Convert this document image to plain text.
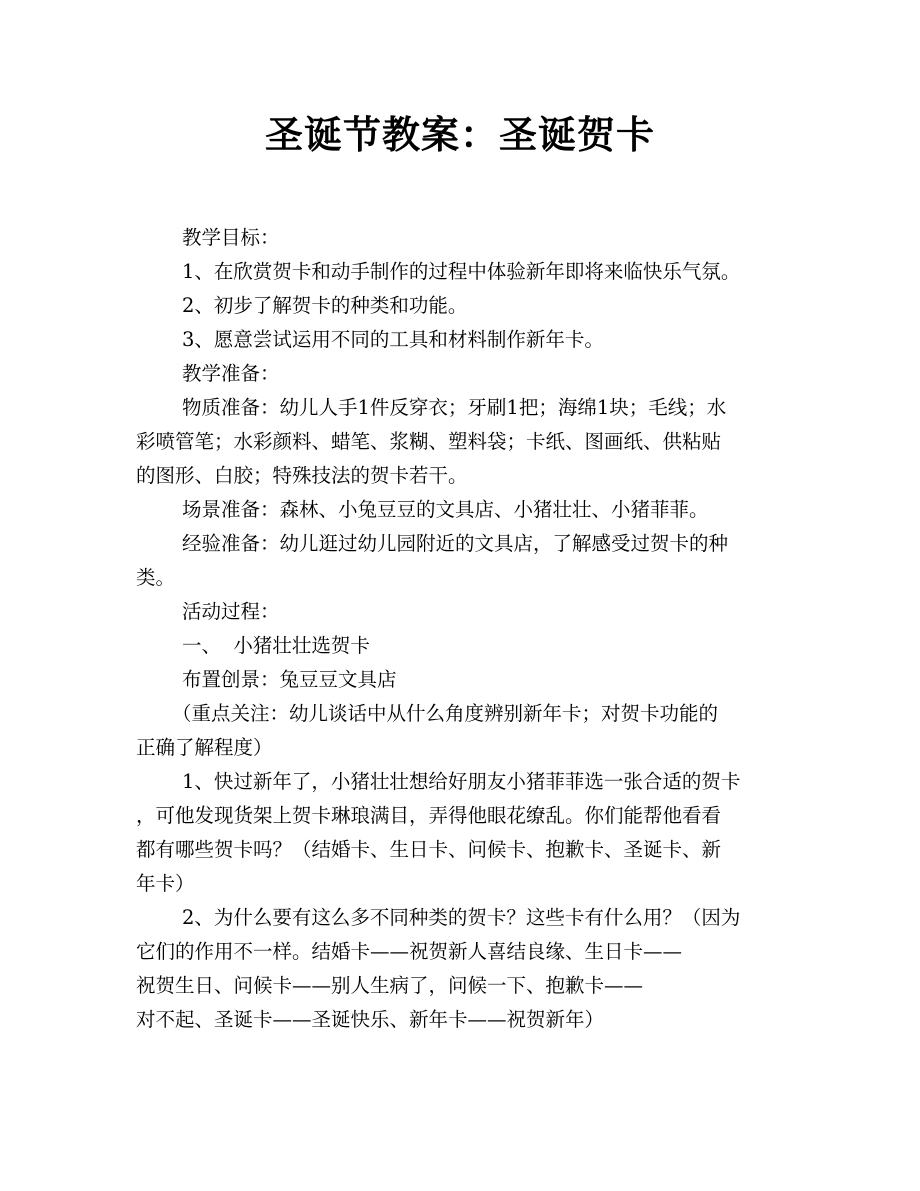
圣诞节教案：圣诞贺卡

教学目标：

1、在欣赏贺卡和动手制作的过程中体验新年即将来临快乐气氛。

2、初步了解贺卡的种类和功能。

3、愿意尝试运用不同的工具和材料制作新年卡。

教学准备：

物质准备：幼儿人手1件反穿衣；牙刷1把；海绵1块；毛线；水
彩喷管笔；水彩颜料、蜡笔、浆糊、塑料袋；卡纸、图画纸、供粘贴
的图形、白胶；特殊技法的贺卡若干。

场景准备：森林、小兔豆豆的文具店、小猪壮壮、小猪菲菲。

经验准备：幼儿逛过幼儿园附近的文具店，了解感受过贺卡的种
类。

活动过程：

一、  小猪壮壮选贺卡

布置创景：兔豆豆文具店

（重点关注：幼儿谈话中从什么角度辨别新年卡；对贺卡功能的
正确了解程度）
1、快过新年了，小猪壮壮想给好朋友小猪菲菲选一张合适的贺卡
，可他发现货架上贺卡琳琅满目，弄得他眼花缭乱。你们能帮他看看
都有哪些贺卡吗？（结婚卡、生日卡、问候卡、抱歉卡、圣诞卡、新
年卡）
2、为什么要有这么多不同种类的贺卡？这些卡有什么用？（因为
它们的作用不一样。结婚卡——祝贺新人喜结良缘、生日卡——
祝贺生日、问候卡——别人生病了，问候一下、抱歉卡——
对不起、圣诞卡——圣诞快乐、新年卡——祝贺新年）
